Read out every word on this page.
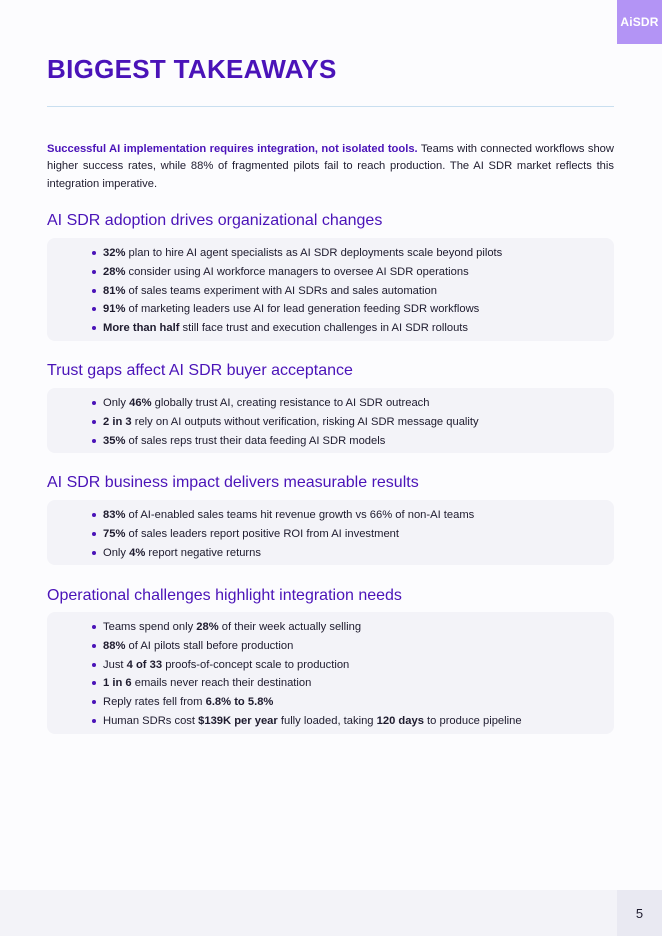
AiSDR
BIGGEST TAKEAWAYS

Successful AI implementation requires integration, not isolated tools. Teams with connected workflows show higher success rates, while 88% of fragmented pilots fail to reach production. The AI SDR market reflects this integration imperative.

AI SDR adoption drives organizational changes
32% plan to hire AI agent specialists as AI SDR deployments scale beyond pilots
28% consider using AI workforce managers to oversee AI SDR operations
81% of sales teams experiment with AI SDRs and sales automation
91% of marketing leaders use AI for lead generation feeding SDR workflows
More than half still face trust and execution challenges in AI SDR rollouts
Trust gaps affect AI SDR buyer acceptance
Only 46% globally trust AI, creating resistance to AI SDR outreach
2 in 3 rely on AI outputs without verification, risking AI SDR message quality
35% of sales reps trust their data feeding AI SDR models
AI SDR business impact delivers measurable results
83% of AI-enabled sales teams hit revenue growth vs 66% of non-AI teams
75% of sales leaders report positive ROI from AI investment
Only 4% report negative returns
Operational challenges highlight integration needs
Teams spend only 28% of their week actually selling
88% of AI pilots stall before production
Just 4 of 33 proofs-of-concept scale to production
1 in 6 emails never reach their destination
Reply rates fell from 6.8% to 5.8%
Human SDRs cost $139K per year fully loaded, taking 120 days to produce pipeline
5
